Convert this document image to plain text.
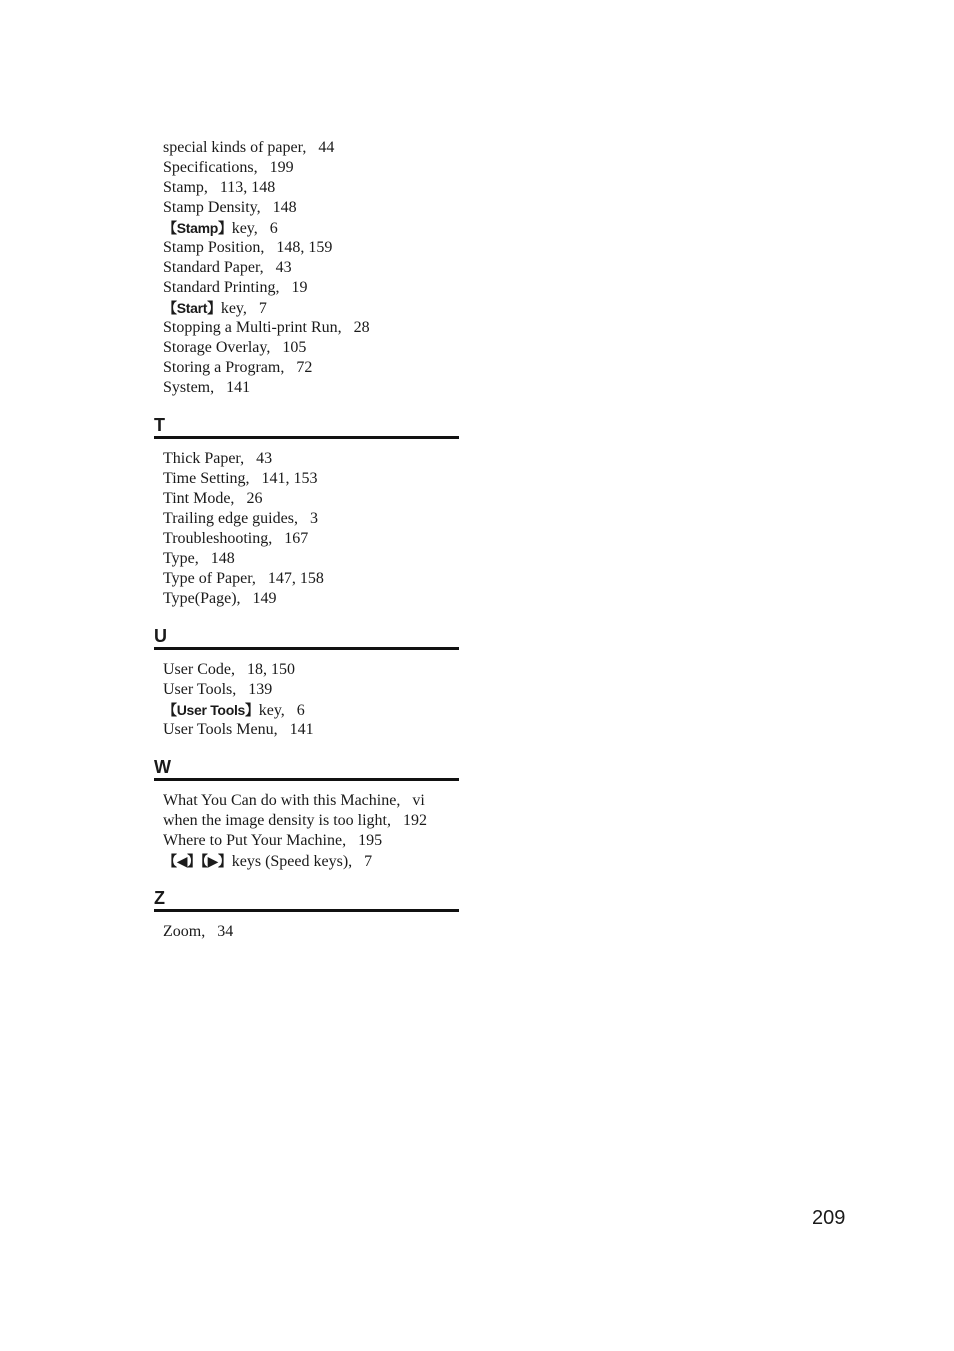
special kinds of paper, 44
Specifications, 199
Stamp, 113, 148
Stamp Density, 148
【Stamp】key, 6
Stamp Position, 148, 159
Standard Paper, 43
Standard Printing, 19
【Start】key, 7
Stopping a Multi-print Run, 28
Storage Overlay, 105
Storing a Program, 72
System, 141
T
Thick Paper, 43
Time Setting, 141, 153
Tint Mode, 26
Trailing edge guides, 3
Troubleshooting, 167
Type, 148
Type of Paper, 147, 158
Type(Page), 149
U
User Code, 18, 150
User Tools, 139
【User Tools】key, 6
User Tools Menu, 141
W
What You Can do with this Machine, vi
when the image density is too light, 192
Where to Put Your Machine, 195
【◀】【▶】keys (Speed keys), 7
Z
Zoom, 34
209
